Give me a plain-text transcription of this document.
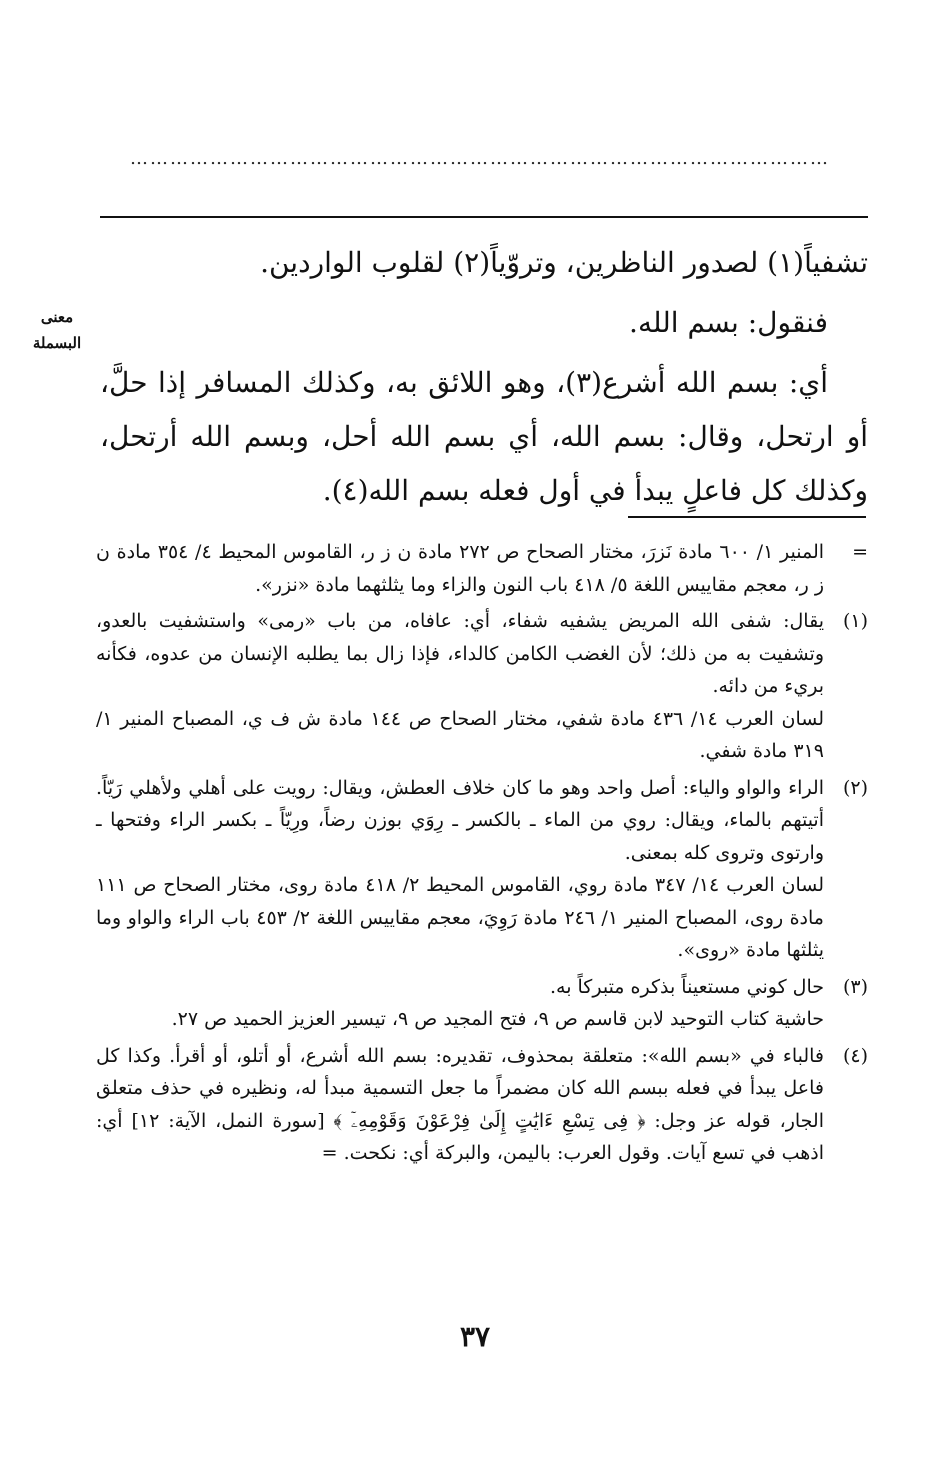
……………………………………………………………………………………………
معنى
البسملة

تشفياً(١) لصدور الناظرين، وتروّياً(٢) لقلوب الواردين.

فنقول: بسم الله.

أي: بسم الله أشرع(٣)، وهو اللائق به، وكذلك المسافر إذا حلَّ، أو ارتحل، وقال: بسم الله، أي بسم الله أحل، وبسم الله أرتحل، وكذلك كل فاعلٍ يبدأ في أول فعله بسم الله(٤).

=

المنير ١/ ٦٠٠ مادة نَزرَ، مختار الصحاح ص ٢٧٢ مادة ن ز ر، القاموس المحيط ٤/ ٣٥٤ مادة ن ز ر، معجم مقاييس اللغة ٥/ ٤١٨ باب النون والزاء وما يثلثهما مادة «نزر».

(١)

يقال: شفى الله المريض يشفيه شفاء، أي: عافاه، من باب «رمى» واستشفيت بالعدو، وتشفيت به من ذلك؛ لأن الغضب الكامن كالداء، فإذا زال بما يطلبه الإنسان من عدوه، فكأنه بريء من دائه.

لسان العرب ١٤/ ٤٣٦ مادة شفي، مختار الصحاح ص ١٤٤ مادة ش ف ي، المصباح المنير ١/ ٣١٩ مادة شفي.

(٢)

الراء والواو والياء: أصل واحد وهو ما كان خلاف العطش، ويقال: رويت على أهلي ولأهلي رَيّاً. أتيتهم بالماء، ويقال: روي من الماء ـ بالكسر ـ رِوَي بوزن رضاً، ورِيّاً ـ بكسر الراء وفتحها ـ وارتوى وتروى كله بمعنى.

لسان العرب ١٤/ ٣٤٧ مادة روي، القاموس المحيط ٢/ ٤١٨ مادة روى، مختار الصحاح ص ١١١ مادة روى، المصباح المنير ١/ ٢٤٦ مادة رَوِيَ، معجم مقاييس اللغة ٢/ ٤٥٣ باب الراء والواو وما يثلثها مادة «روى».

(٣)

حال كوني مستعيناً بذكره متبركاً به.

حاشية كتاب التوحيد لابن قاسم ص ٩، فتح المجيد ص ٩، تيسير العزيز الحميد ص ٢٧.

(٤)

فالباء في «بسم الله»: متعلقة بمحذوف، تقديره: بسم الله أشرع، أو أتلو، أو أقرأ. وكذا كل فاعل يبدأ في فعله ببسم الله كان مضمراً ما جعل التسمية مبدأ له، ونظيره في حذف متعلق الجار، قوله عز وجل: ﴿ فِى تِسْعِ ءَايَٰتٍ إِلَىٰ فِرْعَوْنَ وَقَوْمِهِۦٓ ﴾ [سورة النمل، الآية: ١٢] أي: اذهب في تسع آيات. وقول العرب: باليمن، والبركة أي: نكحت. =

٣٧
